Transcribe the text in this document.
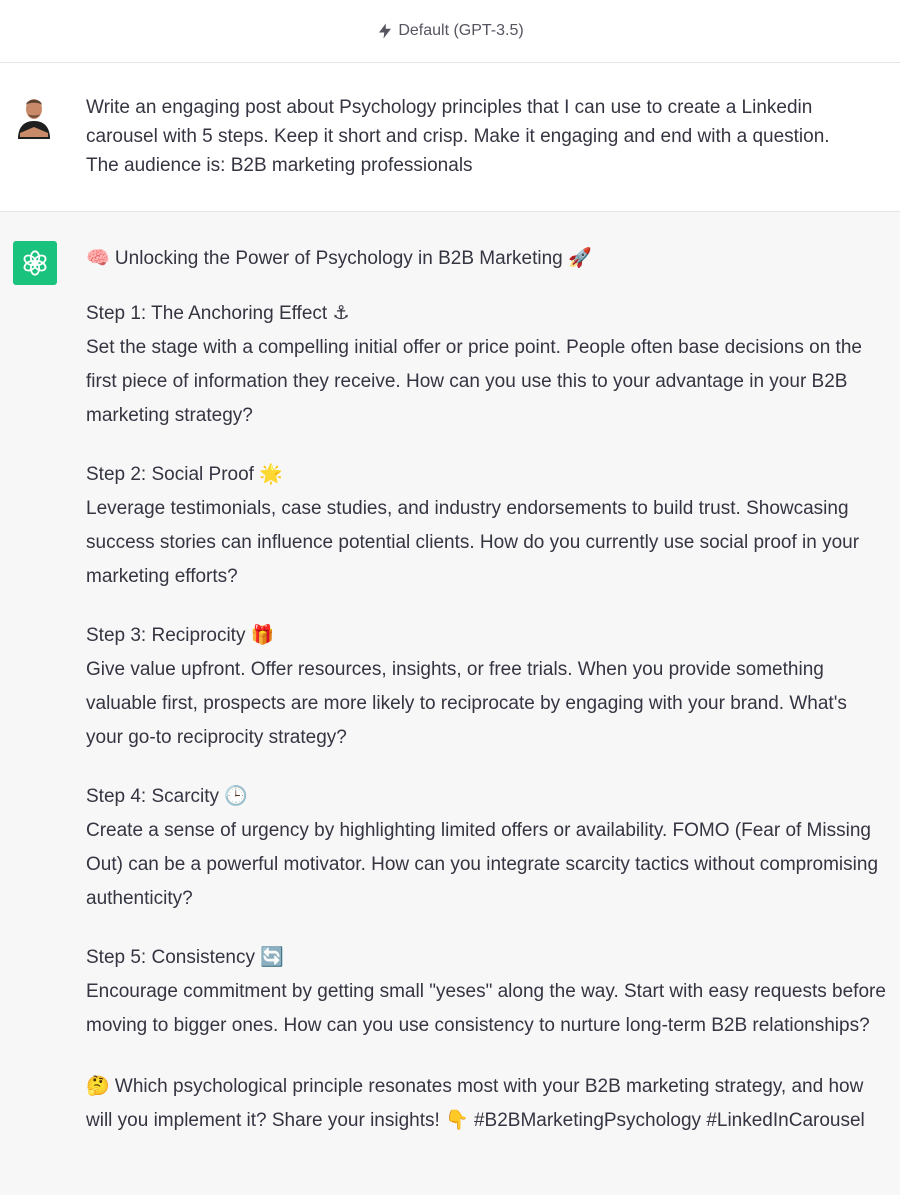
Default (GPT-3.5)
Write an engaging post about Psychology principles that I can use to create a Linkedin carousel with 5 steps. Keep it short and crisp. Make it engaging and end with a question.
The audience is: B2B marketing professionals

🧠 Unlocking the Power of Psychology in B2B Marketing 🚀

Step 1: The Anchoring Effect ⚓

Set the stage with a compelling initial offer or price point. People often base decisions on the first piece of information they receive. How can you use this to your advantage in your B2B marketing strategy?

Step 2: Social Proof 🌟

Leverage testimonials, case studies, and industry endorsements to build trust. Showcasing success stories can influence potential clients. How do you currently use social proof in your marketing efforts?

Step 3: Reciprocity 🎁

Give value upfront. Offer resources, insights, or free trials. When you provide something valuable first, prospects are more likely to reciprocate by engaging with your brand. What's your go-to reciprocity strategy?

Step 4: Scarcity 🕒

Create a sense of urgency by highlighting limited offers or availability. FOMO (Fear of Missing Out) can be a powerful motivator. How can you integrate scarcity tactics without compromising authenticity?

Step 5: Consistency 🔄

Encourage commitment by getting small "yeses" along the way. Start with easy requests before moving to bigger ones. How can you use consistency to nurture long-term B2B relationships?

🤔 Which psychological principle resonates most with your B2B marketing strategy, and how will you implement it? Share your insights! 👇 #B2BMarketingPsychology #LinkedInCarousel
